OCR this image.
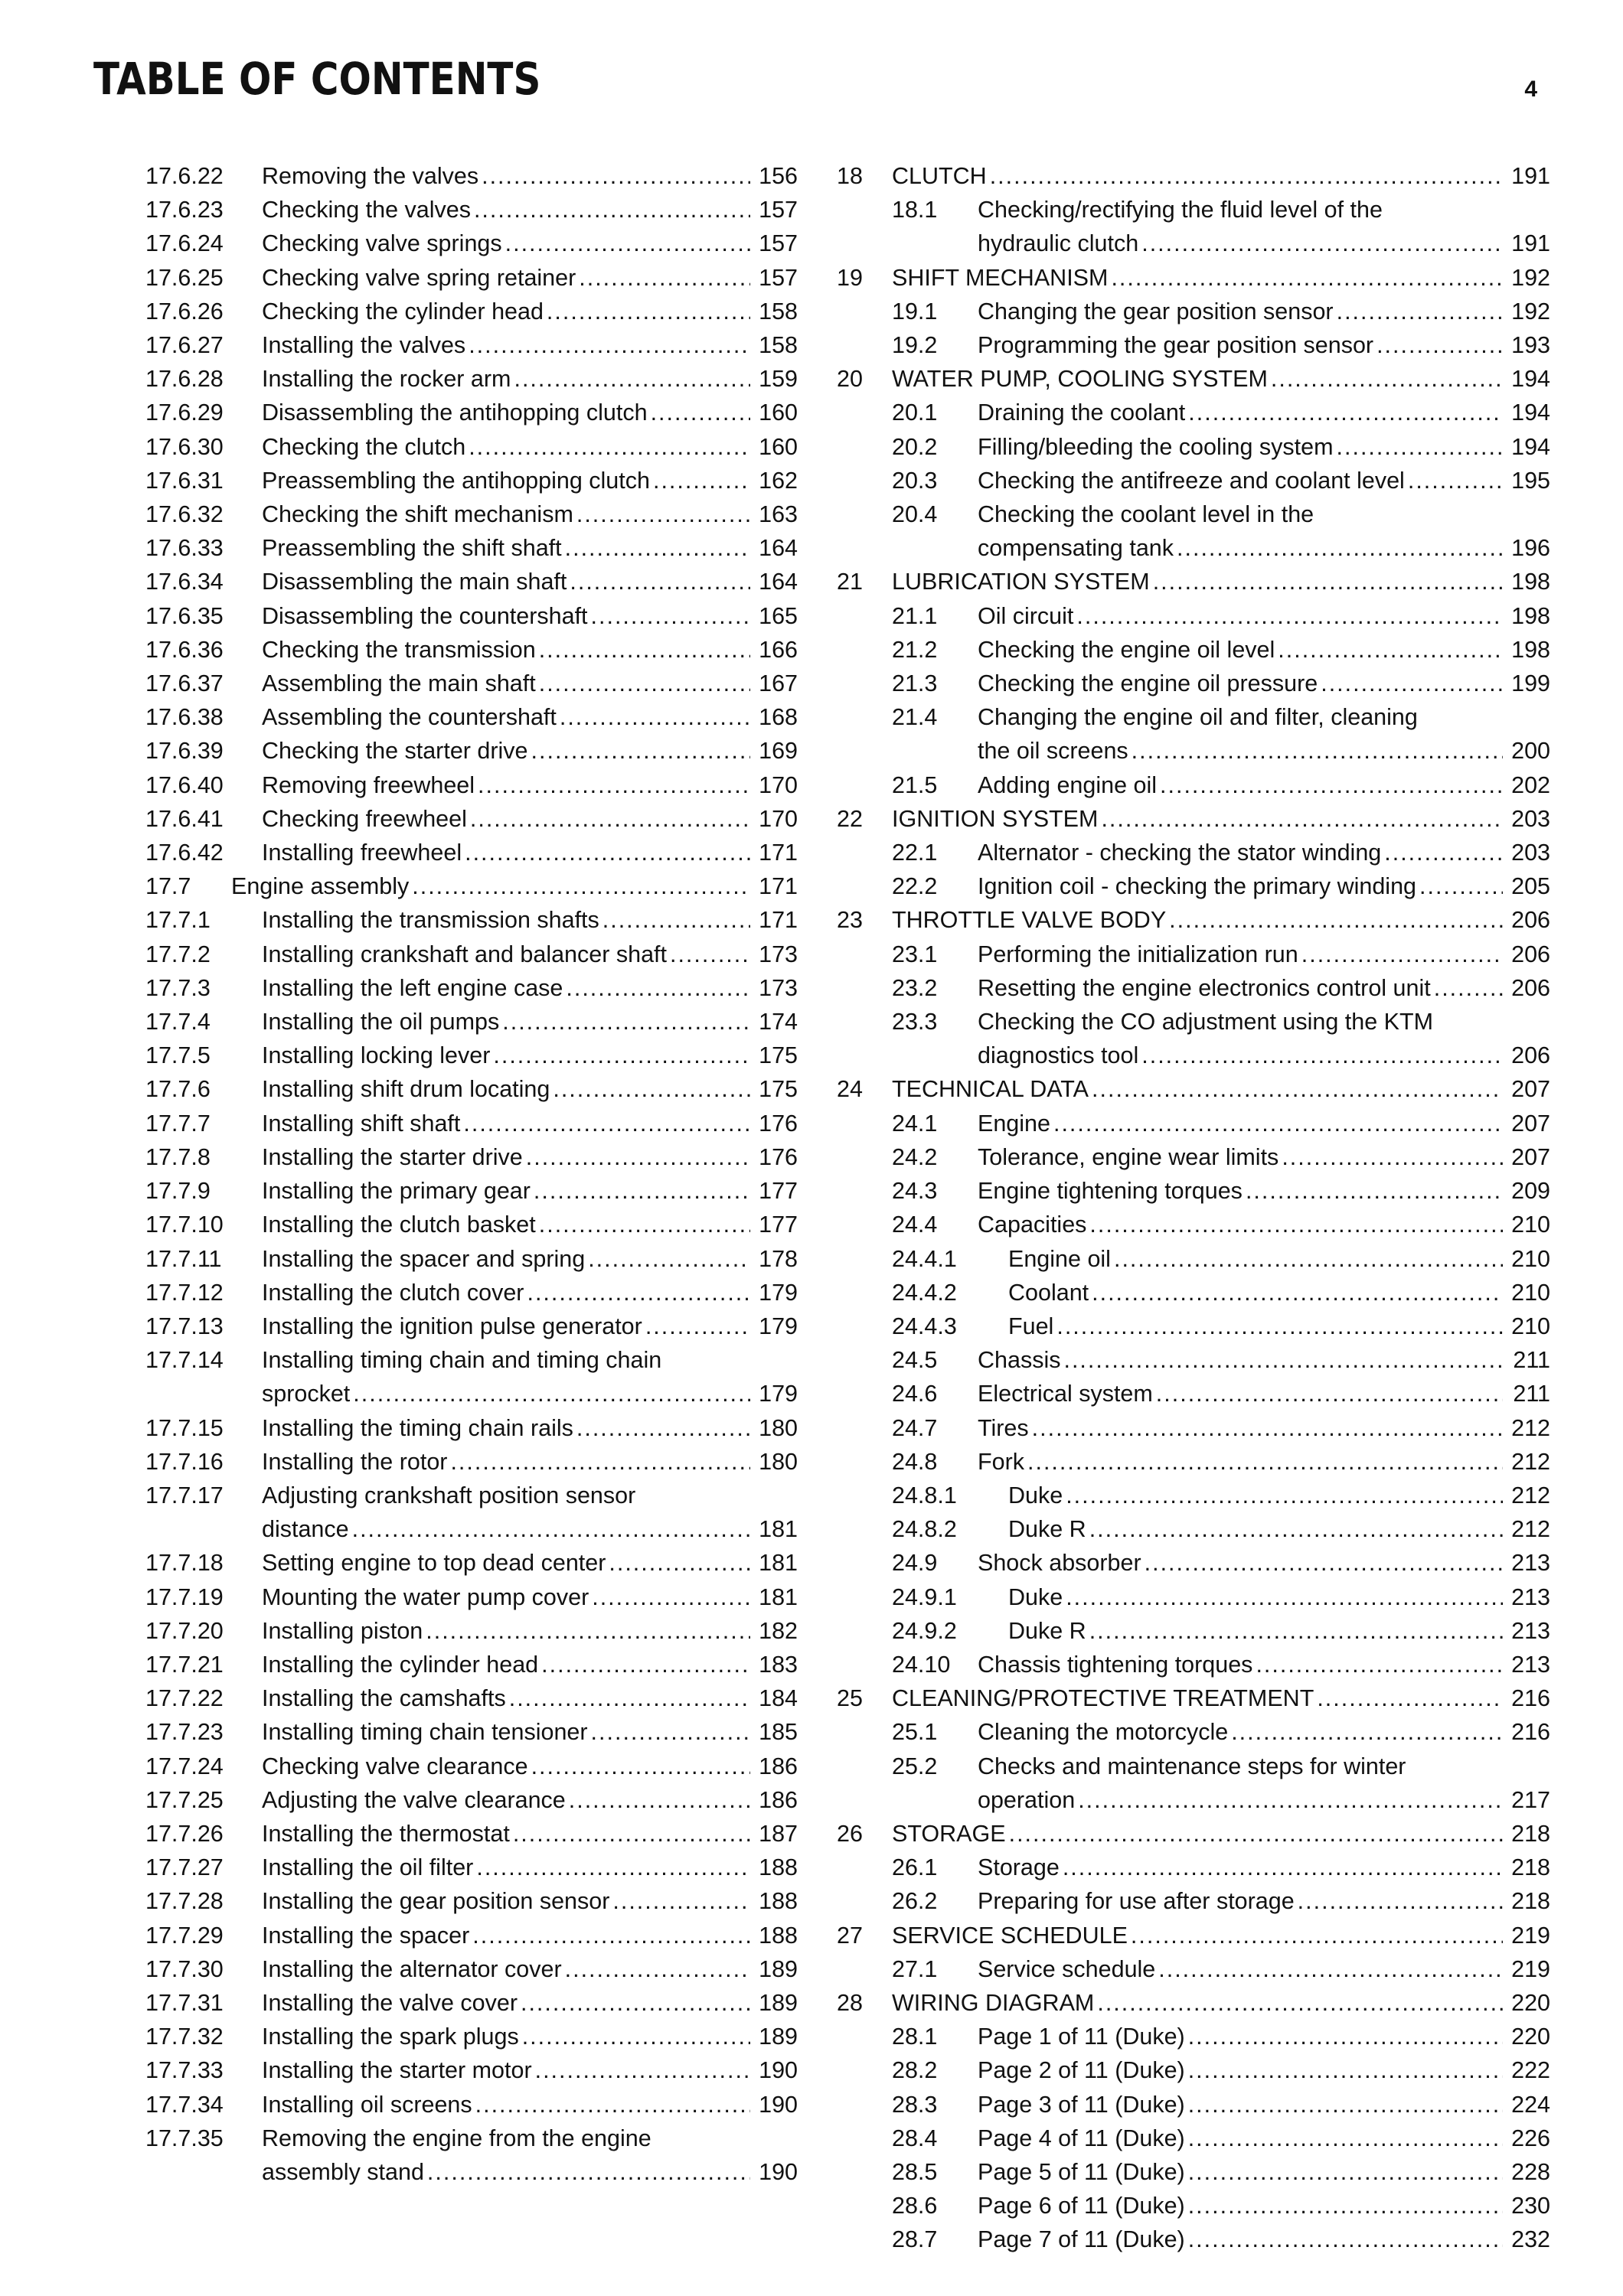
TABLE OF CONTENTS	4
17.6.22	Removing the valves .....	156
17.6.23	Checking the valves .....	157
17.6.24	Checking valve springs .....	157
17.6.25	Checking valve spring retainer .....	157
17.6.26	Checking the cylinder head .....	158
17.6.27	Installing the valves .....	158
17.6.28	Installing the rocker arm .....	159
17.6.29	Disassembling the antihopping clutch .....	160
17.6.30	Checking the clutch .....	160
17.6.31	Preassembling the antihopping clutch .....	162
17.6.32	Checking the shift mechanism .....	163
17.6.33	Preassembling the shift shaft .....	164
17.6.34	Disassembling the main shaft .....	164
17.6.35	Disassembling the countershaft .....	165
17.6.36	Checking the transmission .....	166
17.6.37	Assembling the main shaft .....	167
17.6.38	Assembling the countershaft .....	168
17.6.39	Checking the starter drive .....	169
17.6.40	Removing freewheel .....	170
17.6.41	Checking freewheel .....	170
17.6.42	Installing freewheel .....	171
17.7	Engine assembly .....	171
17.7.1	Installing the transmission shafts .....	171
17.7.2	Installing crankshaft and balancer shaft .....	173
17.7.3	Installing the left engine case .....	173
17.7.4	Installing the oil pumps .....	174
17.7.5	Installing locking lever .....	175
17.7.6	Installing shift drum locating .....	175
17.7.7	Installing shift shaft .....	176
17.7.8	Installing the starter drive .....	176
17.7.9	Installing the primary gear .....	177
17.7.10	Installing the clutch basket .....	177
17.7.11	Installing the spacer and spring .....	178
17.7.12	Installing the clutch cover .....	179
17.7.13	Installing the ignition pulse generator .....	179
17.7.14	Installing timing chain and timing chain
sprocket .....	179
17.7.15	Installing the timing chain rails .....	180
17.7.16	Installing the rotor .....	180
17.7.17	Adjusting crankshaft position sensor
distance .....	181
17.7.18	Setting engine to top dead center .....	181
17.7.19	Mounting the water pump cover .....	181
17.7.20	Installing piston .....	182
17.7.21	Installing the cylinder head .....	183
17.7.22	Installing the camshafts .....	184
17.7.23	Installing timing chain tensioner .....	185
17.7.24	Checking valve clearance .....	186
17.7.25	Adjusting the valve clearance .....	186
17.7.26	Installing the thermostat .....	187
17.7.27	Installing the oil filter .....	188
17.7.28	Installing the gear position sensor .....	188
17.7.29	Installing the spacer .....	188
17.7.30	Installing the alternator cover .....	189
17.7.31	Installing the valve cover .....	189
17.7.32	Installing the spark plugs .....	189
17.7.33	Installing the starter motor .....	190
17.7.34	Installing oil screens .....	190
17.7.35	Removing the engine from the engine
assembly stand .....	190
18	CLUTCH .....	191
18.1	Checking/rectifying the fluid level of the
hydraulic clutch .....	191
19	SHIFT MECHANISM .....	192
19.1	Changing the gear position sensor .....	192
19.2	Programming the gear position sensor .....	193
20	WATER PUMP, COOLING SYSTEM .....	194
20.1	Draining the coolant .....	194
20.2	Filling/bleeding the cooling system .....	194
20.3	Checking the antifreeze and coolant level .....	195
20.4	Checking the coolant level in the
compensating tank .....	196
21	LUBRICATION SYSTEM .....	198
21.1	Oil circuit .....	198
21.2	Checking the engine oil level .....	198
21.3	Checking the engine oil pressure .....	199
21.4	Changing the engine oil and filter, cleaning
the oil screens .....	200
21.5	Adding engine oil .....	202
22	IGNITION SYSTEM .....	203
22.1	Alternator - checking the stator winding .....	203
22.2	Ignition coil - checking the primary winding .....	205
23	THROTTLE VALVE BODY .....	206
23.1	Performing the initialization run .....	206
23.2	Resetting the engine electronics control unit .....	206
23.3	Checking the CO adjustment using the KTM
diagnostics tool .....	206
24	TECHNICAL DATA .....	207
24.1	Engine .....	207
24.2	Tolerance, engine wear limits .....	207
24.3	Engine tightening torques .....	209
24.4	Capacities .....	210
24.4.1	Engine oil .....	210
24.4.2	Coolant .....	210
24.4.3	Fuel .....	210
24.5	Chassis .....	211
24.6	Electrical system .....	211
24.7	Tires .....	212
24.8	Fork .....	212
24.8.1	Duke .....	212
24.8.2	Duke R .....	212
24.9	Shock absorber .....	213
24.9.1	Duke .....	213
24.9.2	Duke R .....	213
24.10	Chassis tightening torques .....	213
25	CLEANING/PROTECTIVE TREATMENT .....	216
25.1	Cleaning the motorcycle .....	216
25.2	Checks and maintenance steps for winter
operation .....	217
26	STORAGE .....	218
26.1	Storage .....	218
26.2	Preparing for use after storage .....	218
27	SERVICE SCHEDULE .....	219
27.1	Service schedule .....	219
28	WIRING DIAGRAM .....	220
28.1	Page 1 of 11 (Duke) .....	220
28.2	Page 2 of 11 (Duke) .....	222
28.3	Page 3 of 11 (Duke) .....	224
28.4	Page 4 of 11 (Duke) .....	226
28.5	Page 5 of 11 (Duke) .....	228
28.6	Page 6 of 11 (Duke) .....	230
28.7	Page 7 of 11 (Duke) .....	232
